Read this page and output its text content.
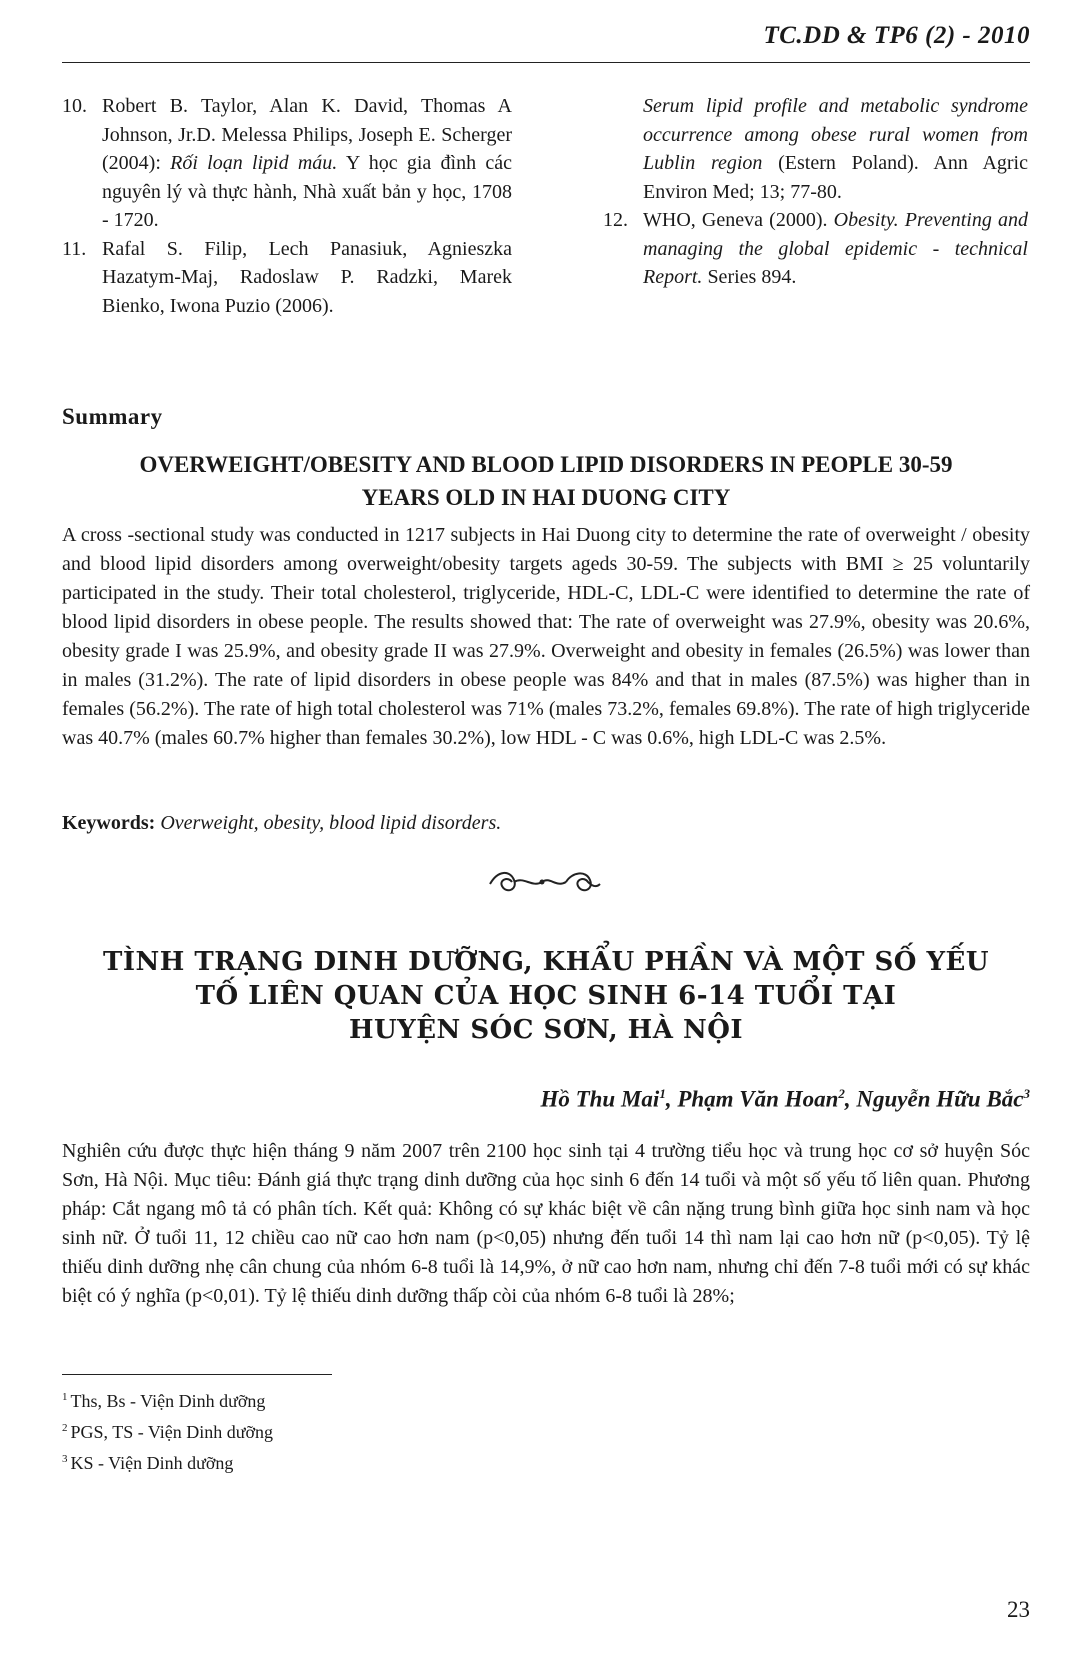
TC.DD & TP6 (2) - 2010
10. Robert B. Taylor, Alan K. David, Thomas A Johnson, Jr.D. Melessa Philips, Joseph E. Scherger (2004): Rối loạn lipid máu. Y học gia đình các nguyên lý và thực hành, Nhà xuất bản y học, 1708 - 1720.
11. Rafal S. Filip, Lech Panasiuk, Agnieszka Hazatym-Maj, Radoslaw P. Radzki, Marek Bienko, Iwona Puzio (2006).
Serum lipid profile and metabolic syndrome occurrence among obese rural women from Lublin region (Estern Poland). Ann Agric Environ Med; 13; 77-80.
12. WHO, Geneva (2000). Obesity. Preventing and managing the global epidemic - technical Report. Series 894.
Summary
OVERWEIGHT/OBESITY AND BLOOD LIPID DISORDERS IN PEOPLE 30-59
YEARS OLD IN HAI DUONG CITY
A cross -sectional study was conducted in 1217 subjects in Hai Duong city to determine the rate of overweight / obesity and blood lipid disorders among overweight/obesity targets ageds 30-59. The subjects with BMI ≥ 25 voluntarily participated in the study. Their total cholesterol, triglyceride, HDL-C, LDL-C were identified to determine the rate of blood lipid disorders in obese people. The results showed that: The rate of overweight was 27.9%, obesity was 20.6%, obesity grade I was 25.9%, and obesity grade II was 27.9%. Overweight and obesity in females (26.5%) was lower than in males (31.2%). The rate of lipid disorders in obese people was 84% and that in males (87.5%) was higher than in females (56.2%). The rate of high total cholesterol was 71% (males 73.2%, females 69.8%). The rate of high triglyceride was 40.7% (males 60.7% higher than females 30.2%), low HDL - C was 0.6%, high LDL-C was 2.5%.
Keywords: Overweight, obesity, blood lipid disorders.
TÌNH TRẠNG DINH DƯỠNG, KHẨU PHẦN VÀ MỘT SỐ YẾU
TỐ LIÊN QUAN CỦA HỌC SINH 6-14 TUỔI TẠI
HUYỆN SÓC SƠN, HÀ NỘI
Hồ Thu Mai$^1$, Phạm Văn Hoan$^2$, Nguyễn Hữu Bắc$^3$
Nghiên cứu được thực hiện tháng 9 năm 2007 trên 2100 học sinh tại 4 trường tiểu học và trung học cơ sở huyện Sóc Sơn, Hà Nội. Mục tiêu: Đánh giá thực trạng dinh dưỡng của học sinh 6 đến 14 tuổi và một số yếu tố liên quan. Phương pháp: Cắt ngang mô tả có phân tích. Kết quả: Không có sự khác biệt về cân nặng trung bình giữa học sinh nam và học sinh nữ. Ở tuổi 11, 12 chiều cao nữ cao hơn nam (p<0,05) nhưng đến tuổi 14 thì nam lại cao hơn nữ (p<0,05). Tỷ lệ thiếu dinh dưỡng nhẹ cân chung của nhóm 6-8 tuổi là 14,9%, ở nữ cao hơn nam, nhưng chỉ đến 7-8 tuổi mới có sự khác biệt có ý nghĩa (p<0,01). Tỷ lệ thiếu dinh dưỡng thấp còi của nhóm 6-8 tuổi là 28%;
$^1$ Ths, Bs - Viện Dinh dưỡng
$^2$ PGS, TS - Viện Dinh dưỡng
$^3$ KS - Viện Dinh dưỡng
23
